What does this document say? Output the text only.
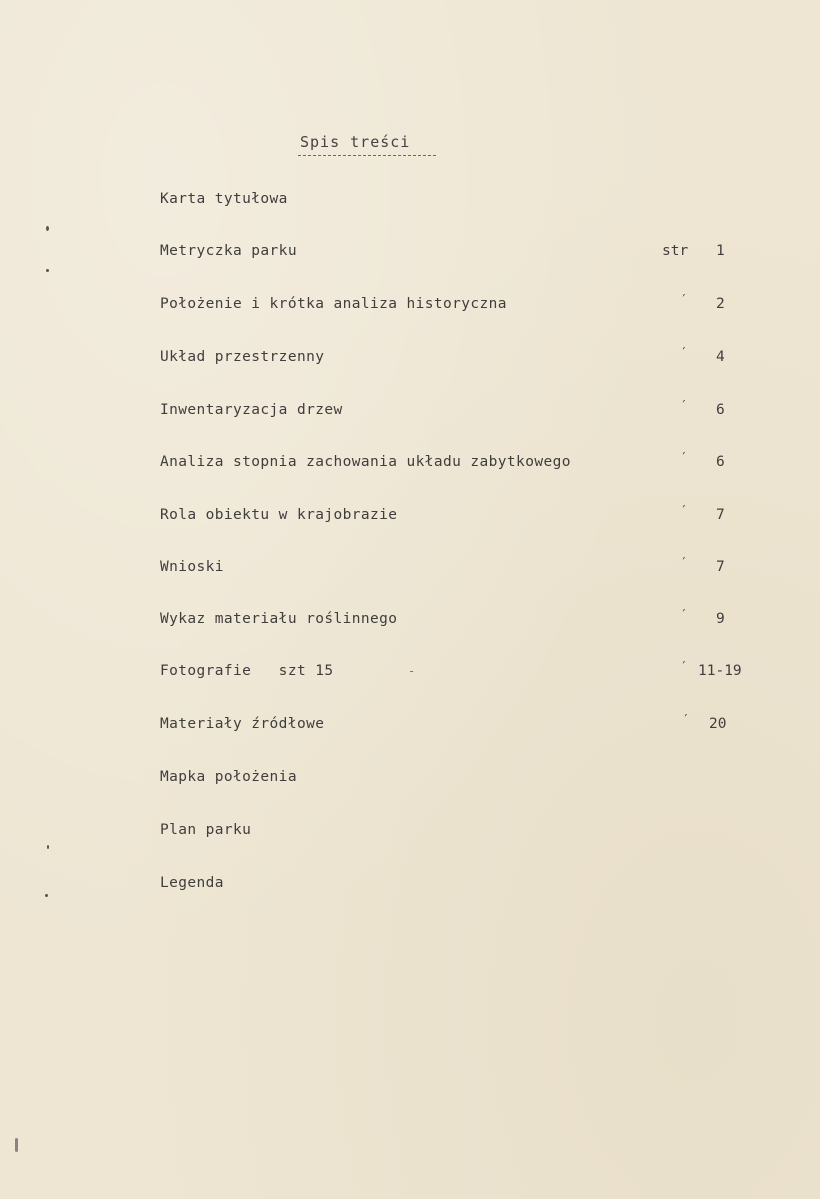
Spis treści
Karta tytułowa
Metryczka parku	str 1
Położenie i krótka analiza historyczna	′ 2
Układ przestrzenny	′ 4
Inwentaryzacja drzew	′ 6
Analiza stopnia zachowania układu zabytkowego	′ 6
Rola obiektu w krajobrazie	′ 7
Wnioski	′ 7
Wykaz materiału roślinnego	′ 9
Fotografie   szt 15	-	′ 11-19
Materiały źródłowe	′ 20
Mapka położenia
Plan parku
Legenda
